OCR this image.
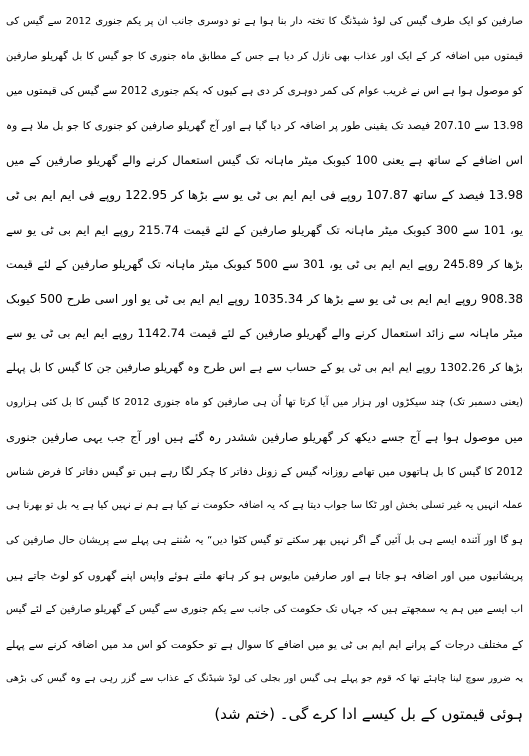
صارفین کو ایک طرف گیس کی لوڈ شیڈنگ کا تختہ دار بنا ہوا ہے تو دوسری جانب ان پر یکم جنوری 2012 سے گیس کی
قیمتوں میں اضافہ کر کے ایک اور عذاب بھی نازل کر دیا ہے جس کے مطابق ماہ جنوری کا جو گیس کا بل گھریلو صارفین
کو موصول ہوا ہے اس نے غریب عوام کی کمر دوہری کر دی ہے کیوں کہ یکم جنوری 2012 سے گیس کی قیمتوں میں
13.98 سے 207.10 فیصد تک یقینی طور پر اضافہ کر دیا گیا ہے اور آج گھریلو صارفین کو جنوری کا جو بل ملا ہے وہ
اس اضافے کے ساتھ ہے یعنی 100 کیوبک میٹر ماہانہ تک گیس استعمال کرنے والے گھریلو صارفین کے میں
13.98 فیصد کے ساتھ 107.87 روپے فی ایم ایم بی ٹی یو سے بڑھا کر 122.95 روپے فی ایم ایم بی ٹی
یو، 101 سے 300 کیوبک میٹر ماہانہ تک گھریلو صارفین کے لئے قیمت 215.74 روپے ایم ایم بی ٹی یو سے
بڑھا کر 245.89 روپے ایم ایم بی ٹی یو، 301 سے 500 کیوبک میٹر ماہانہ تک گھریلو صارفین کے لئے قیمت
908.38 روپے ایم ایم بی ٹی یو سے بڑھا کر 1035.34 روپے ایم ایم بی ٹی یو اور اسی طرح 500 کیوبک
میٹر ماہانہ سے زائد استعمال کرنے والے گھریلو صارفین کے لئے قیمت 1142.74 روپے ایم ایم بی ٹی یو سے
بڑھا کر 1302.26 روپے ایم ایم بی ٹی یو کے حساب سے ہے اس طرح وہ گھریلو صارفین جن کا گیس کا بل پہلے
(یعنی دسمبر تک) چند سیکڑوں اور ہزار میں آیا کرتا تھا اُن ہی صارفین کو ماہ جنوری 2012 کا گیس کا بل کئی ہزاروں
میں موصول ہوا ہے آج جسے دیکھ کر گھریلو صارفین ششدر رہ گئے ہیں اور آج جب یہی صارفین جنوری
2012 کا گیس کا بل ہاتھوں میں تھامے روزانہ گیس کے زونل دفاتر کا چکر لگا رہے ہیں تو گیس دفاتر کا فرض شناس
عملہ انہیں یہ غیر تسلی بخش اور ٹکا سا جواب دیتا ہے کہ یہ اضافہ حکومت نے کیا ہے ہم نے نہیں کیا ہے یہ بل تو بھرنا ہی
ہو گا اور آئندہ ایسے ہی بل آئیں گے اگر نہیں بھر سکتے تو گیس کٹوا دیں“ یہ سُنتے ہی پہلے سے پریشان حال صارفین کی
پریشانیوں میں اور اضافہ ہو جاتا ہے اور صارفین مایوس ہو کر ہاتھ ملتے ہوئے واپس اپنے گھروں کو لوٹ جاتے ہیں
اب ایسے میں ہم یہ سمجھتے ہیں کہ جہاں تک حکومت کی جانب سے یکم جنوری سے گیس کے گھریلو صارفین کے لئے گیس
کے مختلف درجات کے پرانے ایم ایم بی ٹی یو میں اضافے کا سوال ہے تو حکومت کو اس مد میں اضافہ کرنے سے پہلے
یہ ضرور سوچ لینا چاہئے تھا کہ قوم جو پہلے ہی گیس اور بجلی کی لوڈ شیڈنگ کے عذاب سے گزر رہی ہے وہ گیس کی بڑھی
ہوئی قیمتوں کے بل کیسے ادا کرے گی۔ (ختم شد)
